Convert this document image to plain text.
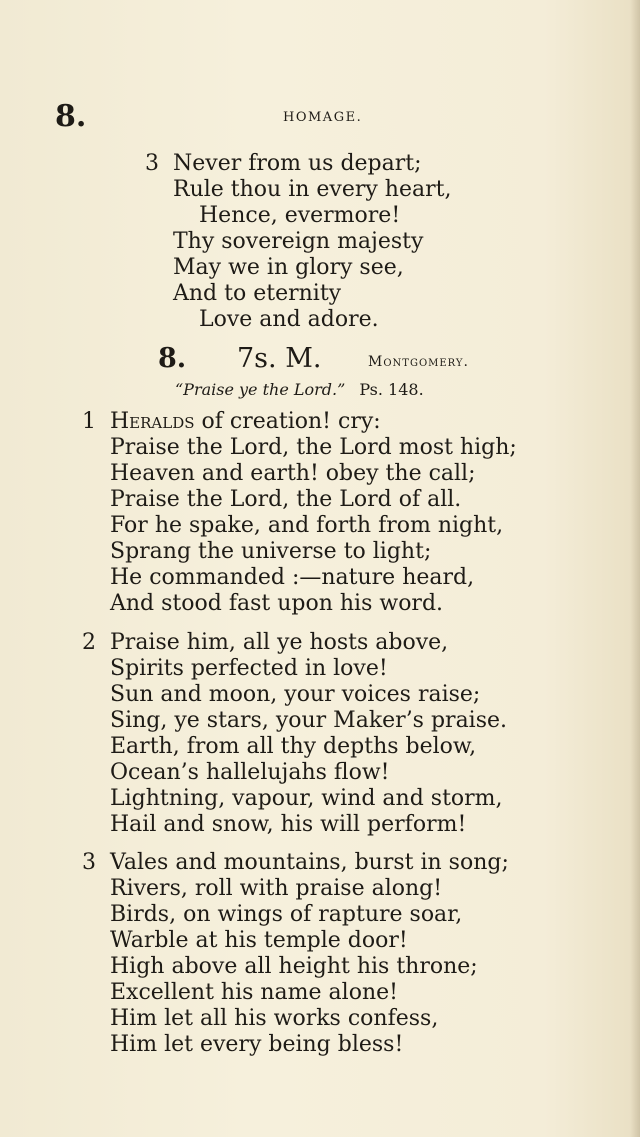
8.	HOMAGE.
3 Never from us depart;
Rule thou in every heart,
Hence, evermore!
Thy sovereign majesty
May we in glory see,
And to eternity
Love and adore.
8. 7s. M.	Montgomery.
“Praise ye the Lord.” Ps. 148.
1 Heralds of creation! cry:
Praise the Lord, the Lord most high;
Heaven and earth! obey the call;
Praise the Lord, the Lord of all.
For he spake, and forth from night,
Sprang the universe to light;
He commanded :—nature heard,
And stood fast upon his word.
2 Praise him, all ye hosts above,
Spirits perfected in love!
Sun and moon, your voices raise;
Sing, ye stars, your Maker’s praise.
Earth, from all thy depths below,
Ocean’s hallelujahs flow!
Lightning, vapour, wind and storm,
Hail and snow, his will perform!
3 Vales and mountains, burst in song;
Rivers, roll with praise along!
Birds, on wings of rapture soar,
Warble at his temple door!
High above all height his throne;
Excellent his name alone!
Him let all his works confess,
Him let every being bless!
